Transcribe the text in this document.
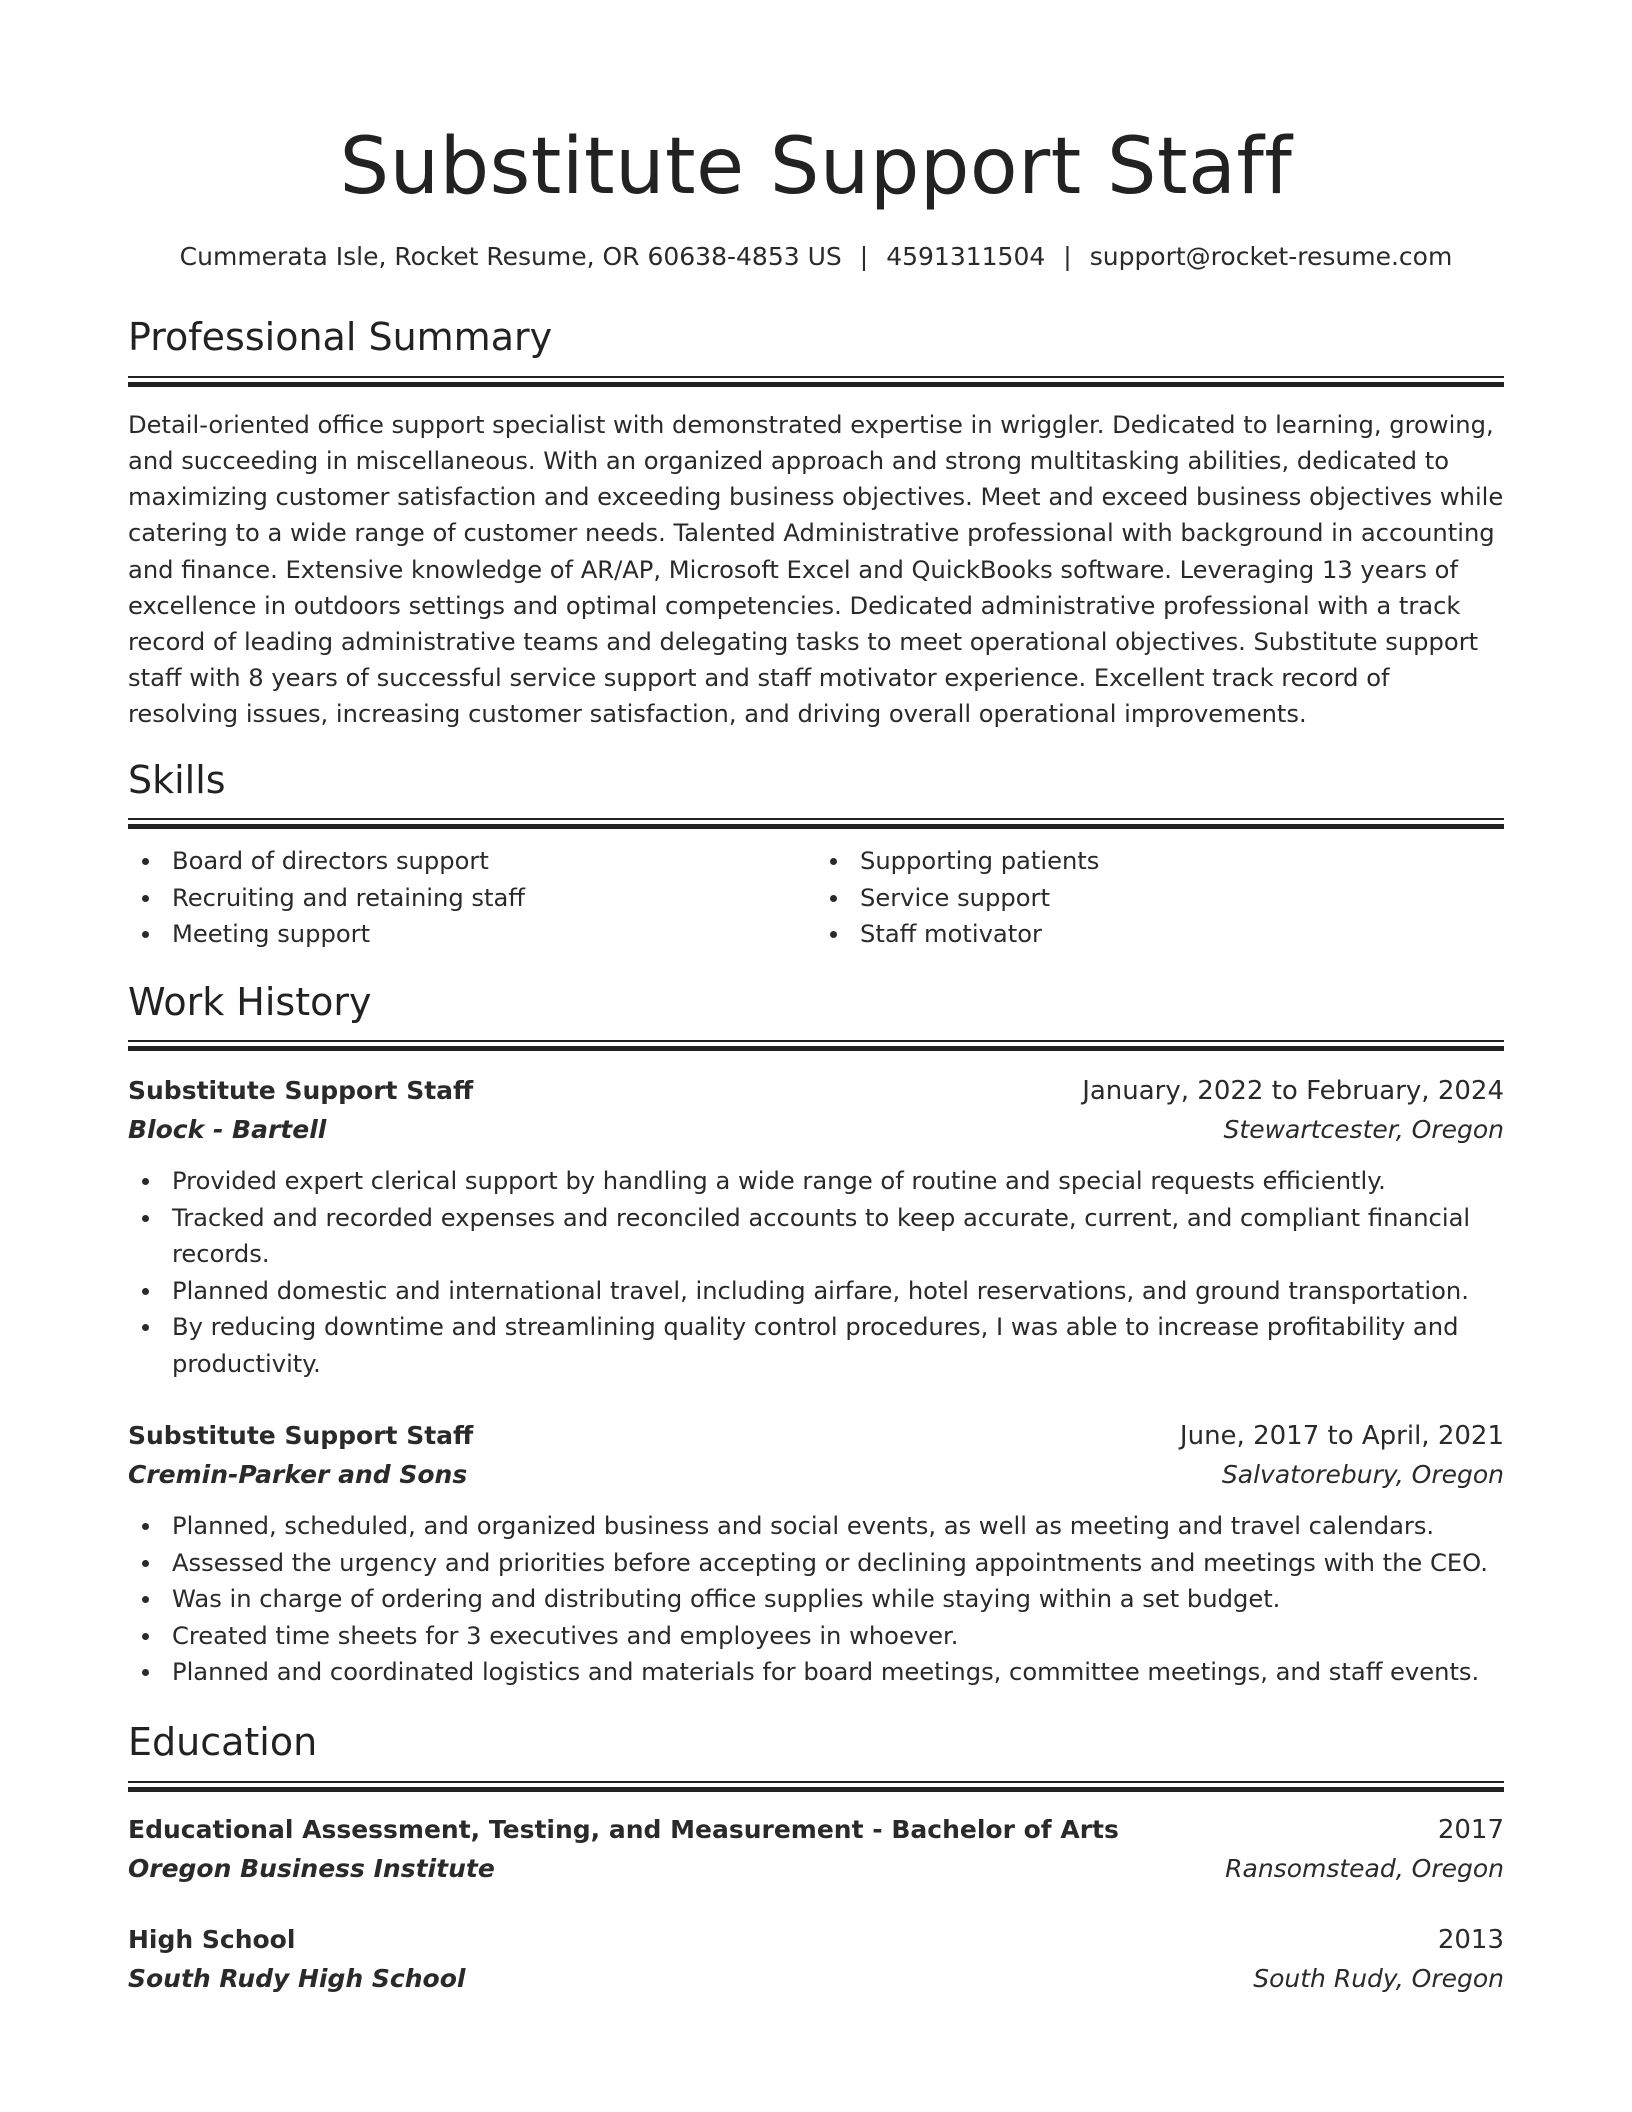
Substitute Support Staff
Cummerata Isle, Rocket Resume, OR 60638-4853 US | 4591311504 | support@rocket-resume.com
Professional Summary

Detail-oriented office support specialist with demonstrated expertise in wriggler. Dedicated to learning, growing, and succeeding in miscellaneous. With an organized approach and strong multitasking abilities, dedicated to maximizing customer satisfaction and exceeding business objectives. Meet and exceed business objectives while catering to a wide range of customer needs. Talented Administrative professional with background in accounting and finance. Extensive knowledge of AR/AP, Microsoft Excel and QuickBooks software. Leveraging 13 years of excellence in outdoors settings and optimal competencies. Dedicated administrative professional with a track record of leading administrative teams and delegating tasks to meet operational objectives. Substitute support staff with 8 years of successful service support and staff motivator experience. Excellent track record of resolving issues, increasing customer satisfaction, and driving overall operational improvements.

Skills
Board of directors support
Recruiting and retaining staff
Meeting support
Supporting patients
Service support
Staff motivator
Work History
Substitute Support Staff	January, 2022 to February, 2024
Block - Bartell	Stewartcester, Oregon
Provided expert clerical support by handling a wide range of routine and special requests efficiently.
Tracked and recorded expenses and reconciled accounts to keep accurate, current, and compliant financial records.
Planned domestic and international travel, including airfare, hotel reservations, and ground transportation.
By reducing downtime and streamlining quality control procedures, I was able to increase profitability and productivity.
Substitute Support Staff	June, 2017 to April, 2021
Cremin-Parker and Sons	Salvatorebury, Oregon
Planned, scheduled, and organized business and social events, as well as meeting and travel calendars.
Assessed the urgency and priorities before accepting or declining appointments and meetings with the CEO.
Was in charge of ordering and distributing office supplies while staying within a set budget.
Created time sheets for 3 executives and employees in whoever.
Planned and coordinated logistics and materials for board meetings, committee meetings, and staff events.
Education
Educational Assessment, Testing, and Measurement - Bachelor of Arts	2017
Oregon Business Institute	Ransomstead, Oregon
High School	2013
South Rudy High School	South Rudy, Oregon
